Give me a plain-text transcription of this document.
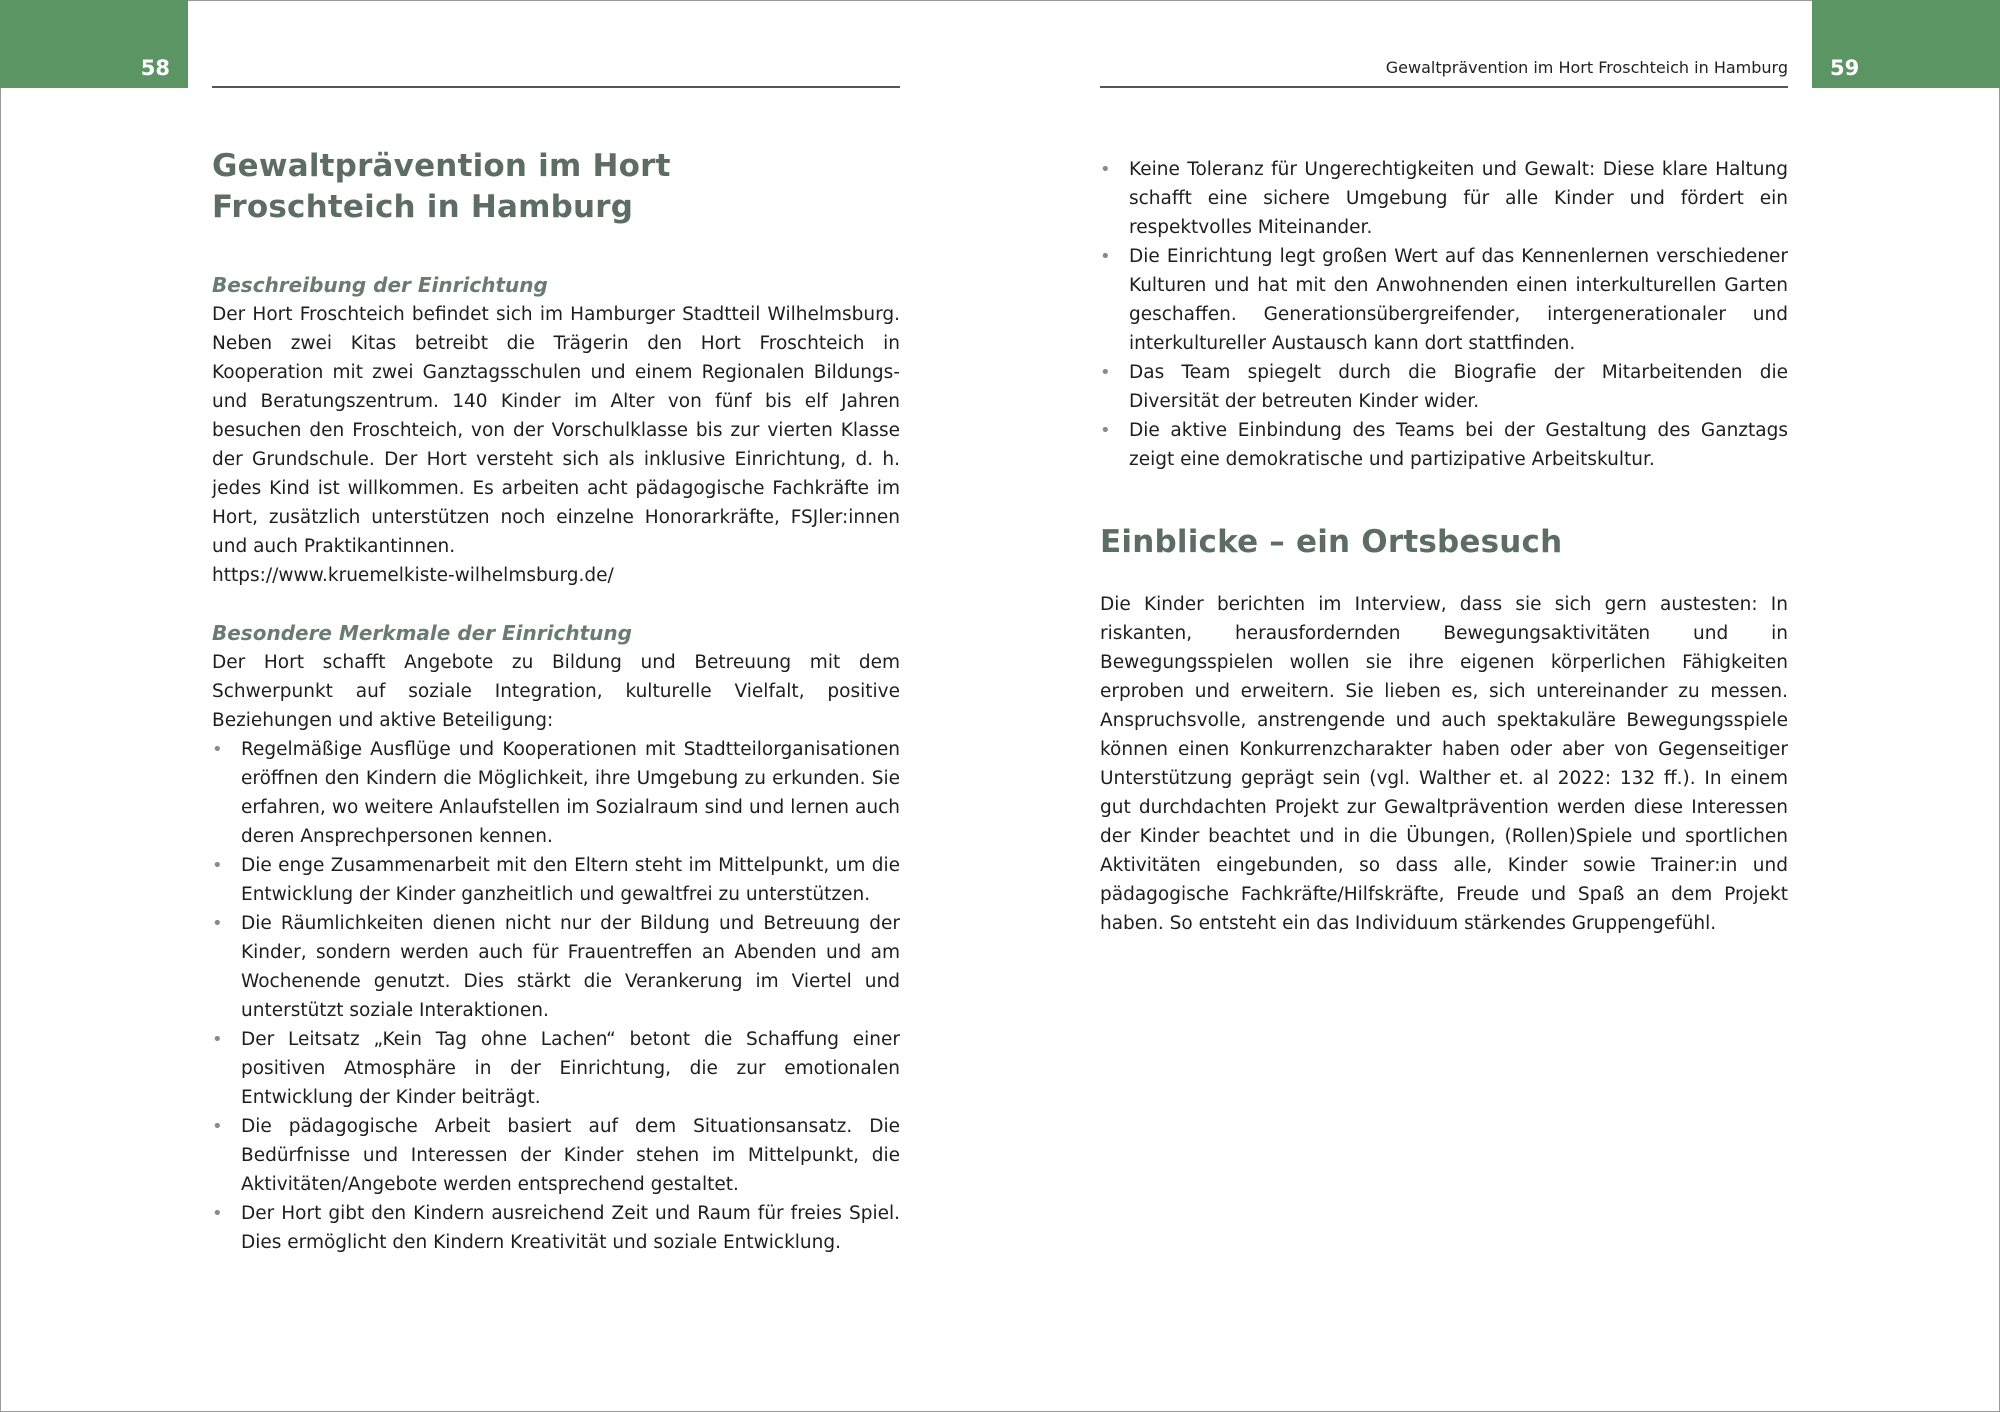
58
Gewaltprävention im Hort Froschteich in Hamburg
Beschreibung der Einrichtung

Der Hort Froschteich befindet sich im Hamburger Stadtteil Wilhelmsburg. Neben zwei Kitas betreibt die Trägerin den Hort Froschteich in Kooperation mit zwei Ganztagsschulen und einem Regionalen Bildungs- und Beratungszentrum. 140 Kinder im Alter von fünf bis elf Jahren besuchen den Froschteich, von der Vorschulklasse bis zur vierten Klasse der Grundschule. Der Hort versteht sich als inklusive Einrichtung, d. h. jedes Kind ist willkommen. Es arbeiten acht pädagogische Fachkräfte im Hort, zusätzlich unterstützen noch einzelne Honorarkräfte, FSJler:innen und auch Praktikantinnen.

https://www.kruemelkiste-wilhelmsburg.de/

Besondere Merkmale der Einrichtung

Der Hort schafft Angebote zu Bildung und Betreuung mit dem Schwerpunkt auf soziale Integration, kulturelle Vielfalt, positive Beziehungen und aktive Beteiligung:

• Regelmäßige Ausflüge und Kooperationen mit Stadtteilorganisationen eröffnen den Kindern die Möglichkeit, ihre Umgebung zu erkunden. Sie erfahren, wo weitere Anlaufstellen im Sozialraum sind und lernen auch deren Ansprechpersonen kennen.
• Die enge Zusammenarbeit mit den Eltern steht im Mittelpunkt, um die Entwicklung der Kinder ganzheitlich und gewaltfrei zu unterstützen.
• Die Räumlichkeiten dienen nicht nur der Bildung und Betreuung der Kinder, sondern werden auch für Frauentreffen an Abenden und am Wochenende genutzt. Dies stärkt die Verankerung im Viertel und unterstützt soziale Interaktionen.
• Der Leitsatz „Kein Tag ohne Lachen“ betont die Schaffung einer positiven Atmosphäre in der Einrichtung, die zur emotionalen Entwicklung der Kinder beiträgt.
• Die pädagogische Arbeit basiert auf dem Situationsansatz. Die Bedürfnisse und Interessen der Kinder stehen im Mittelpunkt, die Aktivitäten/Angebote werden entsprechend gestaltet.
• Der Hort gibt den Kindern ausreichend Zeit und Raum für freies Spiel. Dies ermöglicht den Kindern Kreativität und soziale Entwicklung.
59
Gewaltprävention im Hort Froschteich in Hamburg
• Keine Toleranz für Ungerechtigkeiten und Gewalt: Diese klare Haltung schafft eine sichere Umgebung für alle Kinder und fördert ein respektvolles Miteinander.
• Die Einrichtung legt großen Wert auf das Kennenlernen verschiedener Kulturen und hat mit den Anwohnenden einen interkulturellen Garten geschaffen. Generationsübergreifender, intergenerationaler und interkultureller Austausch kann dort stattfinden.
• Das Team spiegelt durch die Biografie der Mitarbeitenden die Diversität der betreuten Kinder wider.
• Die aktive Einbindung des Teams bei der Gestaltung des Ganztags zeigt eine demokratische und partizipative Arbeitskultur.
Einblicke – ein Ortsbesuch

Die Kinder berichten im Interview, dass sie sich gern austesten: In riskanten, herausfordernden Bewegungsaktivitäten und in Bewegungsspielen wollen sie ihre eigenen körperlichen Fähigkeiten erproben und erweitern. Sie lieben es, sich untereinander zu messen. Anspruchsvolle, anstrengende und auch spektakuläre Bewegungsspiele können einen Konkurrenzcharakter haben oder aber von Gegenseitiger Unterstützung geprägt sein (vgl. Walther et. al 2022: 132 ff.). In einem gut durchdachten Projekt zur Gewaltprävention werden diese Interessen der Kinder beachtet und in die Übungen, (Rollen)Spiele und sportlichen Aktivitäten eingebunden, so dass alle, Kinder sowie Trainer:in und pädagogische Fachkräfte/Hilfskräfte, Freude und Spaß an dem Projekt haben. So entsteht ein das Individuum stärkendes Gruppengefühl.
